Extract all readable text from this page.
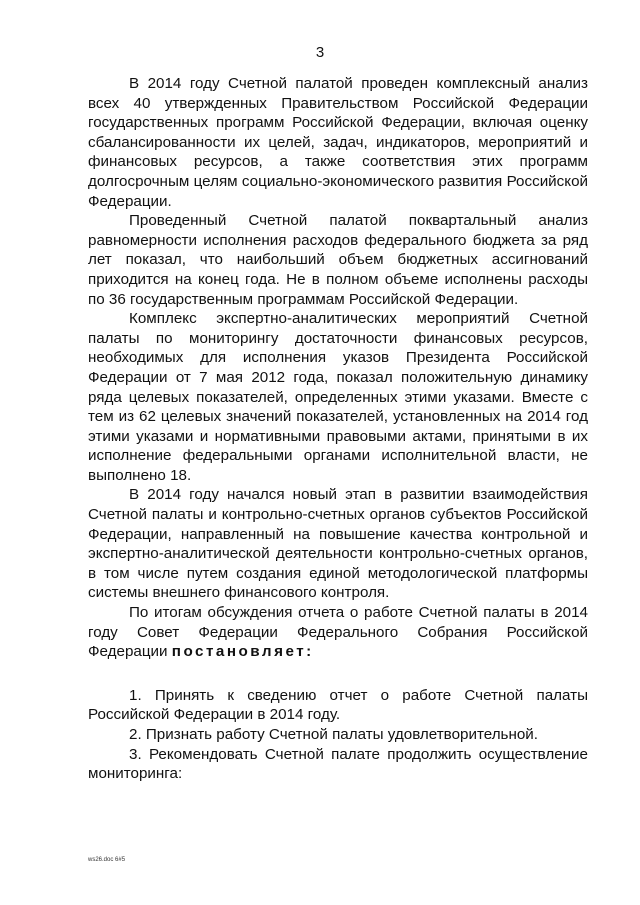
3

В 2014 году Счетной палатой проведен комплексный анализ всех 40 утвержденных Правительством Российской Федерации государственных программ Российской Федерации, включая оценку сбалансированности их целей, задач, индикаторов, мероприятий и финансовых ресурсов, а также соответствия этих программ долгосрочным целям социально-экономического развития Российской Федерации.

Проведенный Счетной палатой поквартальный анализ равномерности исполнения расходов федерального бюджета за ряд лет показал, что наибольший объем бюджетных ассигнований приходится на конец года. Не в полном объеме исполнены расходы по 36 государственным программам Российской Федерации.

Комплекс экспертно-аналитических мероприятий Счетной палаты по мониторингу достаточности финансовых ресурсов, необходимых для исполнения указов Президента Российской Федерации от 7 мая 2012 года, показал положительную динамику ряда целевых показателей, определенных этими указами. Вместе с тем из 62 целевых значений показателей, установленных на 2014 год этими указами и нормативными правовыми актами, принятыми в их исполнение федеральными органами исполнительной власти, не выполнено 18.

В 2014 году начался новый этап в развитии взаимодействия Счетной палаты и контрольно-счетных органов субъектов Российской Федерации, направленный на повышение качества контрольной и экспертно-аналитической деятельности контрольно-счетных органов, в том числе путем создания единой методологической платформы системы внешнего финансового контроля.

По итогам обсуждения отчета о работе Счетной палаты в 2014 году Совет Федерации Федерального Собрания Российской Федерации постановляет:

1. Принять к сведению отчет о работе Счетной палаты Российской Федерации в 2014 году.

2. Признать работу Счетной палаты удовлетворительной.

3. Рекомендовать Счетной палате продолжить осуществление мониторинга:

ws26.doc 6#5
